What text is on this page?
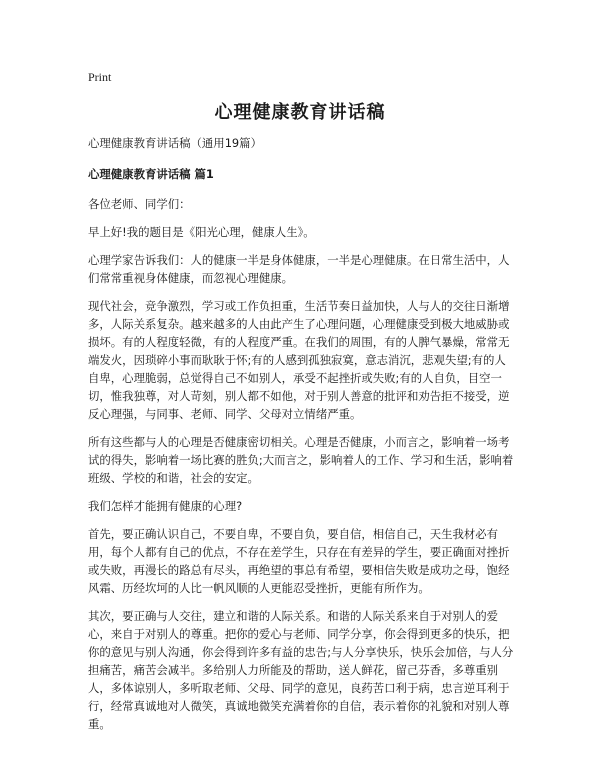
Print
心理健康教育讲话稿

心理健康教育讲话稿（通用19篇）

心理健康教育讲话稿 篇1

各位老师、同学们：

早上好!我的题目是《阳光心理，健康人生》。

心理学家告诉我们：人的健康一半是身体健康，一半是心理健康。在日常生活中，人们常常重视身体健康，而忽视心理健康。

现代社会，竞争激烈，学习或工作负担重，生活节奏日益加快，人与人的交往日渐增多，人际关系复杂。越来越多的人由此产生了心理问题，心理健康受到极大地威胁或损坏。有的人程度轻微，有的人程度严重。在我们的周围，有的人脾气暴燥，常常无端发火，因琐碎小事而耿耿于怀;有的人感到孤独寂寞，意志消沉，悲观失望;有的人自卑，心理脆弱，总觉得自己不如别人，承受不起挫折或失败;有的人自负，目空一切，惟我独尊，对人苛刻，别人都不如他，对于别人善意的批评和劝告拒不接受，逆反心理强，与同事、老师、同学、父母对立情绪严重。

所有这些都与人的心理是否健康密切相关。心理是否健康，小而言之，影响着一场考试的得失，影响着一场比赛的胜负;大而言之，影响着人的工作、学习和生活，影响着班级、学校的和谐，社会的安定。

我们怎样才能拥有健康的心理?

首先，要正确认识自己，不要自卑，不要自负，要自信，相信自己，天生我材必有用，每个人都有自己的优点，不存在差学生，只存在有差异的学生，要正确面对挫折或失败，再漫长的路总有尽头，再绝望的事总有希望，要相信失败是成功之母，饱经风霜、历经坎坷的人比一帆风顺的人更能忍受挫折，更能有所作为。

其次，要正确与人交往，建立和谐的人际关系。和谐的人际关系来自于对别人的爱心，来自于对别人的尊重。把你的爱心与老师、同学分享，你会得到更多的快乐，把你的意见与别人沟通，你会得到许多有益的忠告;与人分享快乐，快乐会加倍，与人分担痛苦，痛苦会减半。多给别人力所能及的帮助，送人鲜花，留己芬香，多尊重别人，多体谅别人，多听取老师、父母、同学的意见，良药苦口利于病，忠言逆耳利于行，经常真诚地对人微笑，真诚地微笑充满着你的自信，表示着你的礼貌和对别人尊重。
